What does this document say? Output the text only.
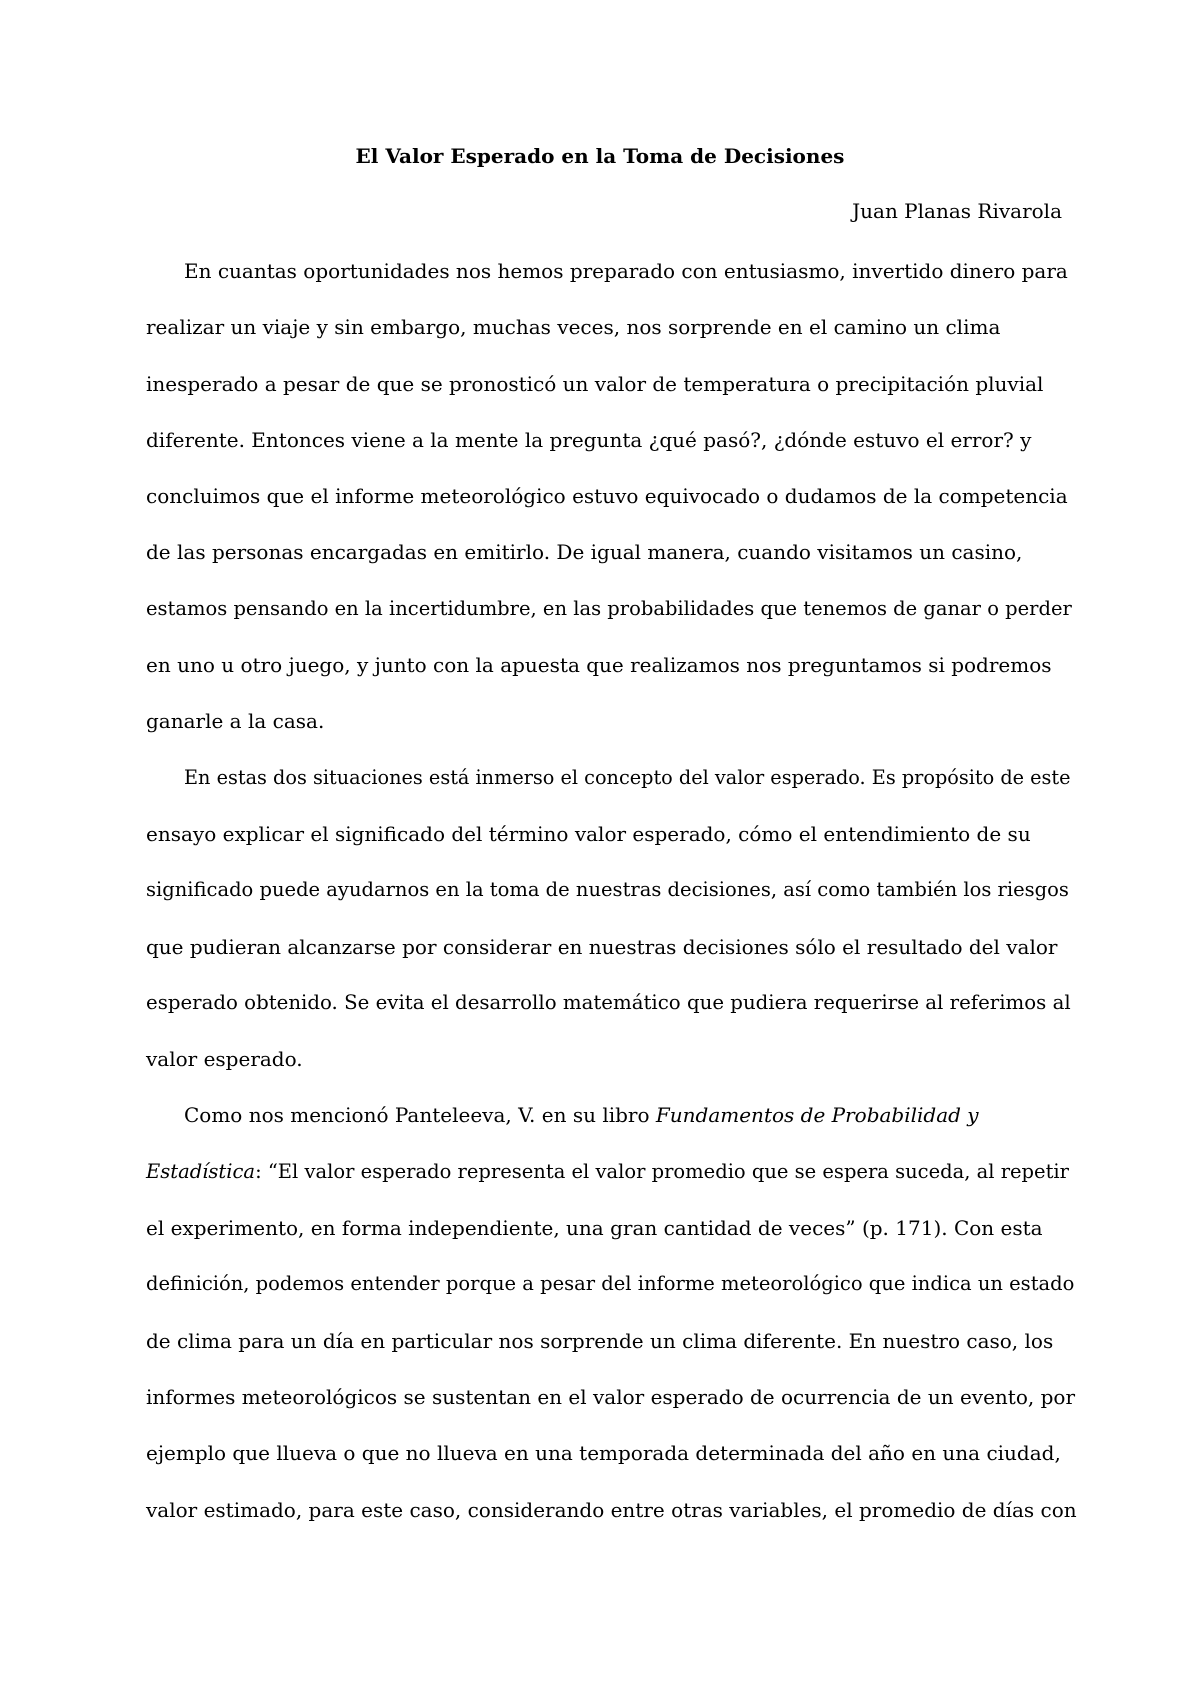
El Valor Esperado en la Toma de Decisiones

Juan Planas Rivarola

En cuantas oportunidades nos hemos preparado con entusiasmo, invertido dinero para
realizar un viaje y sin embargo, muchas veces, nos sorprende en el camino un clima
inesperado a pesar de que se pronosticó un valor de temperatura o precipitación pluvial
diferente. Entonces viene a la mente la pregunta ¿qué pasó?, ¿dónde estuvo el error? y
concluimos que el informe meteorológico estuvo equivocado o dudamos de la competencia
de las personas encargadas en emitirlo. De igual manera, cuando visitamos un casino,
estamos pensando en la incertidumbre, en las probabilidades que tenemos de ganar o perder
en uno u otro juego, y junto con la apuesta que realizamos nos preguntamos si podremos
ganarle a la casa.
En estas dos situaciones está inmerso el concepto del valor esperado. Es propósito de este
ensayo explicar el significado del término valor esperado, cómo el entendimiento de su
significado puede ayudarnos en la toma de nuestras decisiones, así como también los riesgos
que pudieran alcanzarse por considerar en nuestras decisiones sólo el resultado del valor
esperado obtenido. Se evita el desarrollo matemático que pudiera requerirse al referimos al
valor esperado.
Como nos mencionó Panteleeva, V. en su libro Fundamentos de Probabilidad y
Estadística: “El valor esperado representa el valor promedio que se espera suceda, al repetir
el experimento, en forma independiente, una gran cantidad de veces” (p. 171). Con esta
definición, podemos entender porque a pesar del informe meteorológico que indica un estado
de clima para un día en particular nos sorprende un clima diferente. En nuestro caso, los
informes meteorológicos se sustentan en el valor esperado de ocurrencia de un evento, por
ejemplo que llueva o que no llueva en una temporada determinada del año en una ciudad,
valor estimado, para este caso, considerando entre otras variables, el promedio de días con
